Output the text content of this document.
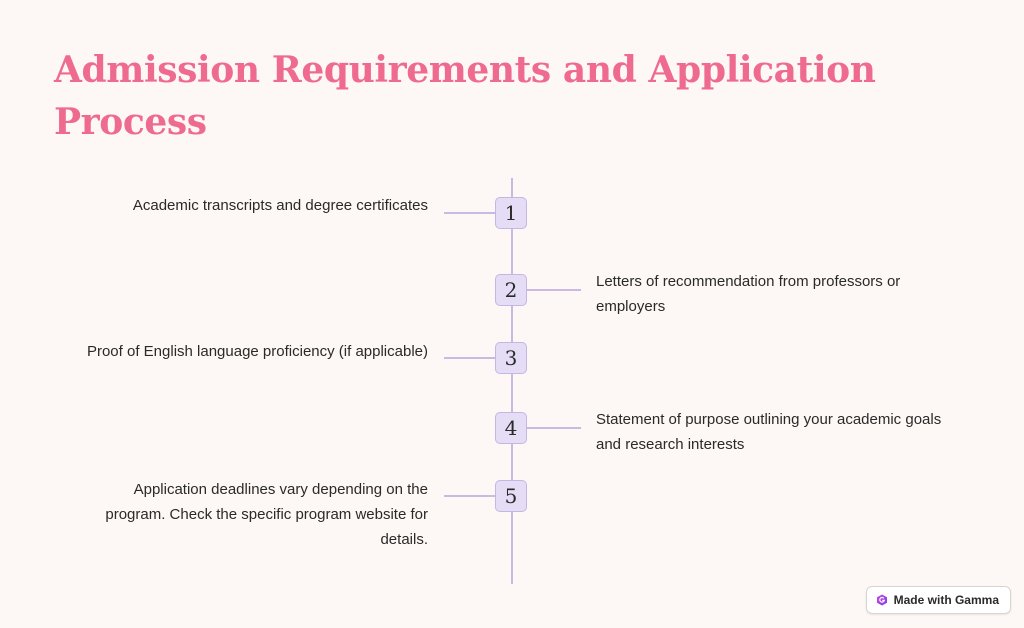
Admission Requirements and Application Process
1
Academic transcripts and degree certificates
2	Letters of recommendation from professors or employers
3
Proof of English language proficiency (if applicable)
4	Statement of purpose outlining your academic goals and research interests
5
Application deadlines vary depending on the program. Check the specific program website for details.
Made with Gamma
